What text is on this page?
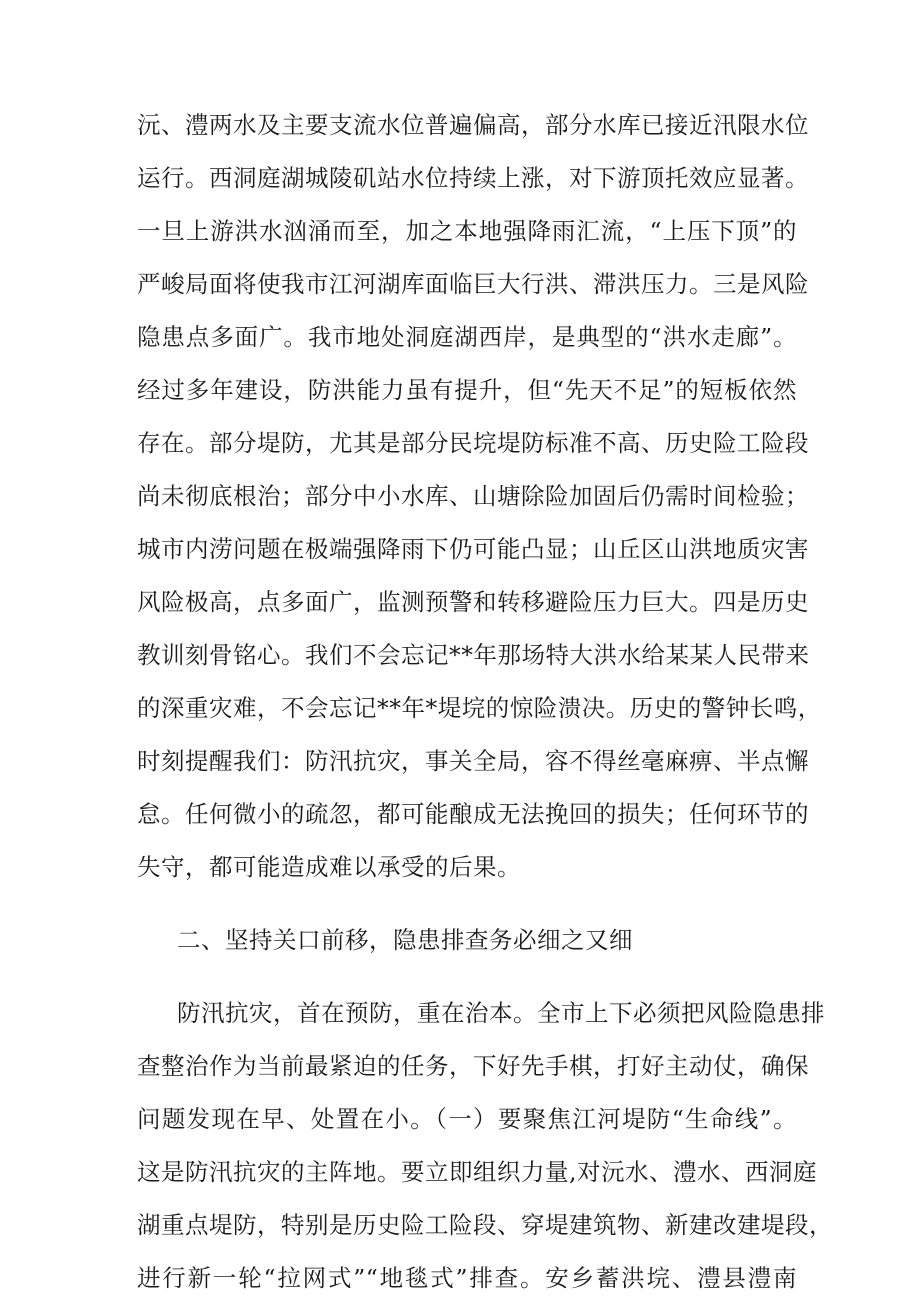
沅、澧两水及主要支流水位普遍偏高，部分水库已接近汛限水位
运行。西洞庭湖城陵矶站水位持续上涨，对下游顶托效应显著。
一旦上游洪水汹涌而至，加之本地强降雨汇流，“上压下顶”的
严峻局面将使我市江河湖库面临巨大行洪、滞洪压力。三是风险
隐患点多面广。我市地处洞庭湖西岸，是典型的“洪水走廊”。
经过多年建设，防洪能力虽有提升，但“先天不足”的短板依然
存在。部分堤防，尤其是部分民垸堤防标准不高、历史险工险段
尚未彻底根治；部分中小水库、山塘除险加固后仍需时间检验；
城市内涝问题在极端强降雨下仍可能凸显；山丘区山洪地质灾害
风险极高，点多面广，监测预警和转移避险压力巨大。四是历史
教训刻骨铭心。我们不会忘记**年那场特大洪水给某某人民带来
的深重灾难，不会忘记**年*堤垸的惊险溃决。历史的警钟长鸣，
时刻提醒我们：防汛抗灾，事关全局，容不得丝毫麻痹、半点懈
怠。任何微小的疏忽，都可能酿成无法挽回的损失；任何环节的
失守，都可能造成难以承受的后果。
二、坚持关口前移，隐患排查务必细之又细
防汛抗灾，首在预防，重在治本。全市上下必须把风险隐患排
查整治作为当前最紧迫的任务，下好先手棋，打好主动仗，确保
问题发现在早、处置在小。（一）要聚焦江河堤防“生命线”。
这是防汛抗灾的主阵地。要立即组织力量,对沅水、澧水、西洞庭
湖重点堤防，特别是历史险工险段、穿堤建筑物、新建改建堤段，
进行新一轮“拉网式”“地毯式”排查。安乡蓄洪垸、澧县澧南
